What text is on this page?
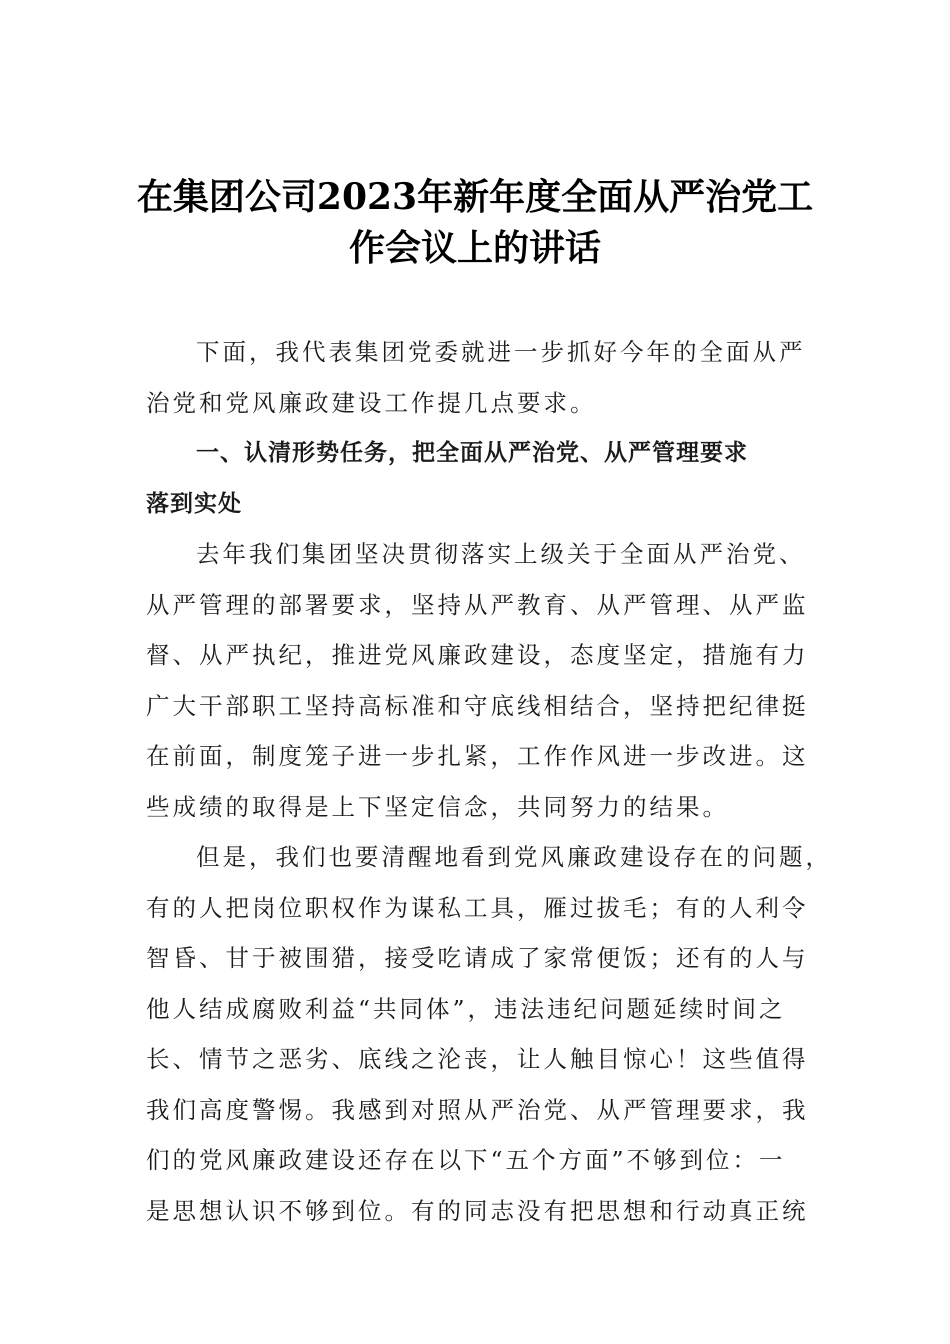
在集团公司2023年新年度全面从严治党工
作会议上的讲话
下面，我代表集团党委就进一步抓好今年的全面从严
治党和党风廉政建设工作提几点要求。
一、认清形势任务，把全面从严治党、从严管理要求
落到实处
去年我们集团坚决贯彻落实上级关于全面从严治党、
从严管理的部署要求，坚持从严教育、从严管理、从严监
督、从严执纪，推进党风廉政建设，态度坚定，措施有力
广大干部职工坚持高标准和守底线相结合，坚持把纪律挺
在前面，制度笼子进一步扎紧，工作作风进一步改进。这
些成绩的取得是上下坚定信念，共同努力的结果。
但是，我们也要清醒地看到党风廉政建设存在的问题，
有的人把岗位职权作为谋私工具，雁过拔毛；有的人利令
智昏、甘于被围猎，接受吃请成了家常便饭；还有的人与
他人结成腐败利益“共同体”，违法违纪问题延续时间之
长、情节之恶劣、底线之沦丧，让人触目惊心！这些值得
我们高度警惕。我感到对照从严治党、从严管理要求，我
们的党风廉政建设还存在以下“五个方面”不够到位：一
是思想认识不够到位。有的同志没有把思想和行动真正统
